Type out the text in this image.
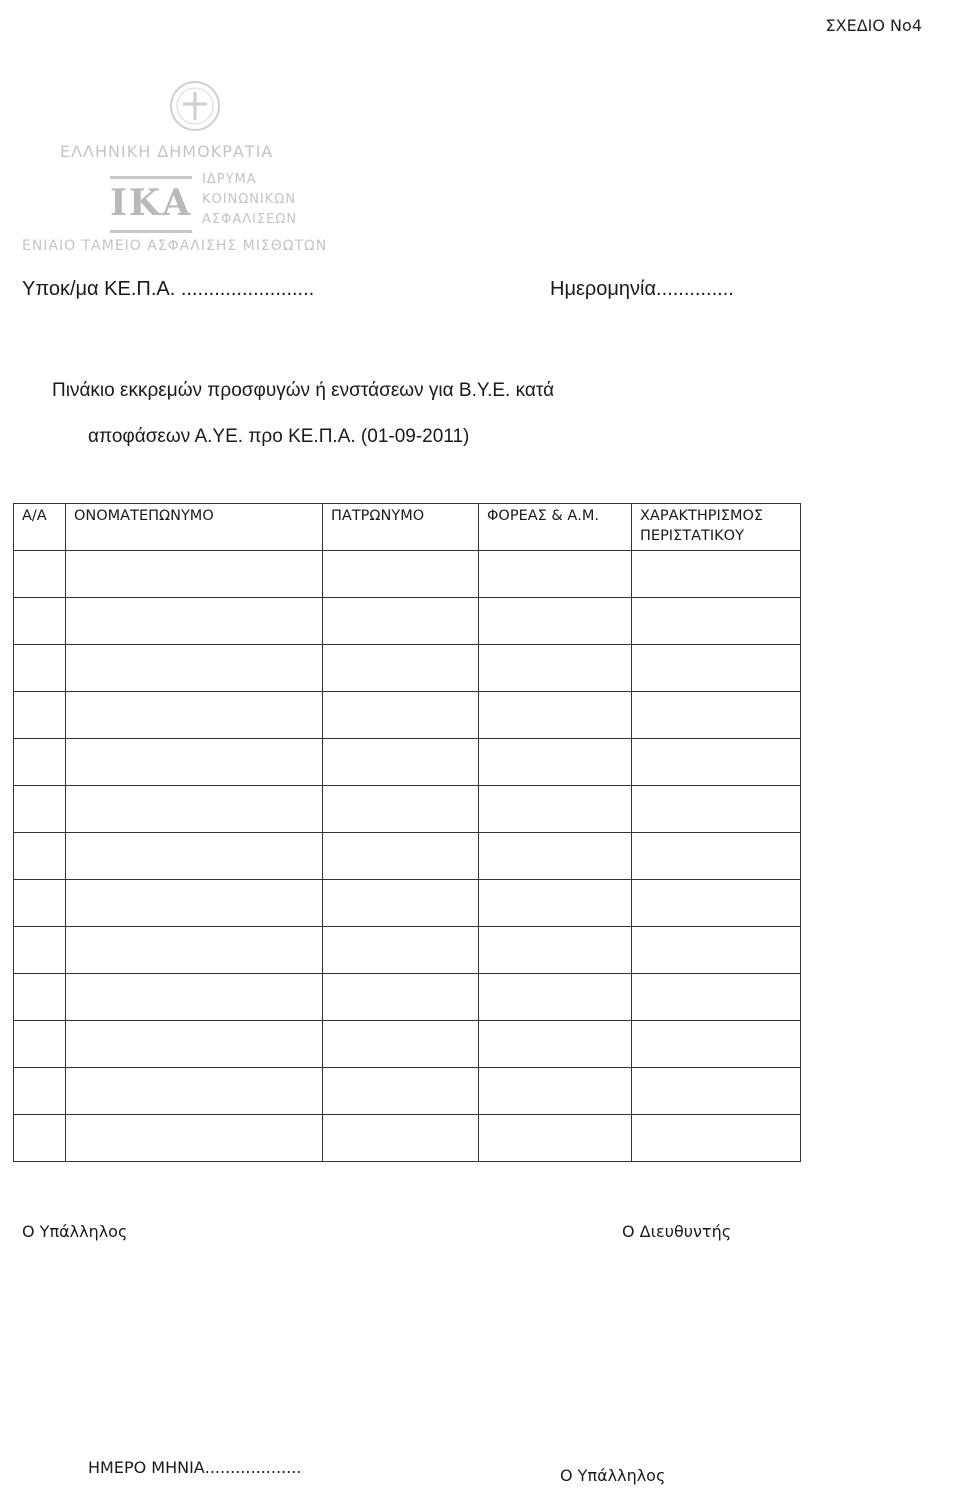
ΣΧΕΔΙΟ Νο4
ΕΛΛΗΝΙΚΗ ΔΗΜΟΚΡΑΤΙΑ
ΙΚΑ
ΙΔΡΥΜΑ
ΚΟΙΝΩΝΙΚΩΝ
ΑΣΦΑΛΙΣΕΩΝ
ΕΝΙΑΙΟ ΤΑΜΕΙΟ ΑΣΦΑΛΙΣΗΣ ΜΙΣΘΩΤΩΝ
Υποκ/μα ΚΕ.Π.Α. ........................	Ημερομηνία..............
Πινάκιο εκκρεμών προσφυγών ή ενστάσεων για Β.Υ.Ε. κατά
αποφάσεων Α.ΥΕ. προ ΚΕ.Π.Α. (01-09-2011)
Α/Α	ΟΝΟΜΑΤΕΠΩΝΥΜΟ	ΠΑΤΡΩΝΥΜΟ	ΦΟΡΕΑΣ & Α.Μ.	ΧΑΡΑΚΤΗΡΙΣΜΟΣ ΠΕΡΙΣΤΑΤΙΚΟΥ

Ο Υπάλληλος	Ο Διευθυντής
ΗΜΕΡΟ ΜΗΝΙΑ...................	Ο Υπάλληλος
